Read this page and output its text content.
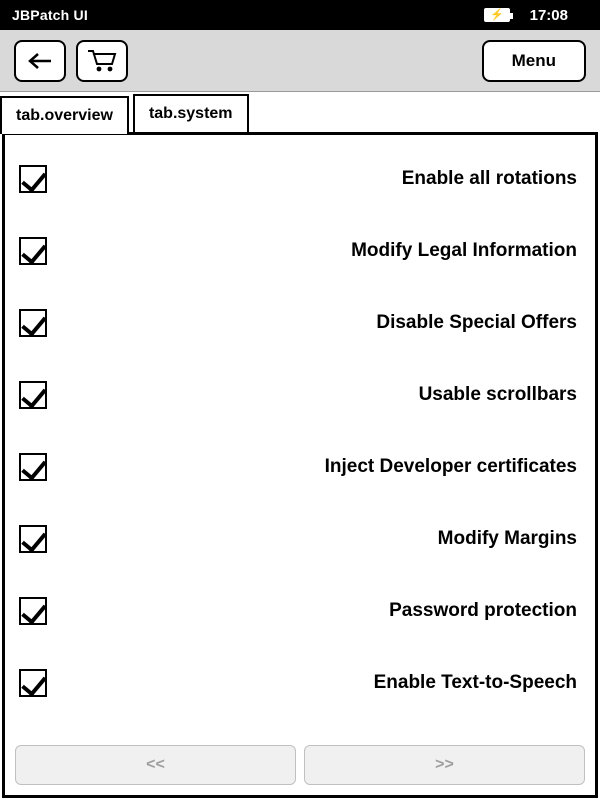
JBPatch UI	⚡	17:08
Menu
tab.overview	tab.system
Enable all rotations
Modify Legal Information
Disable Special Offers
Usable scrollbars
Inject Developer certificates
Modify Margins
Password protection
Enable Text-to-Speech
<<	>>
